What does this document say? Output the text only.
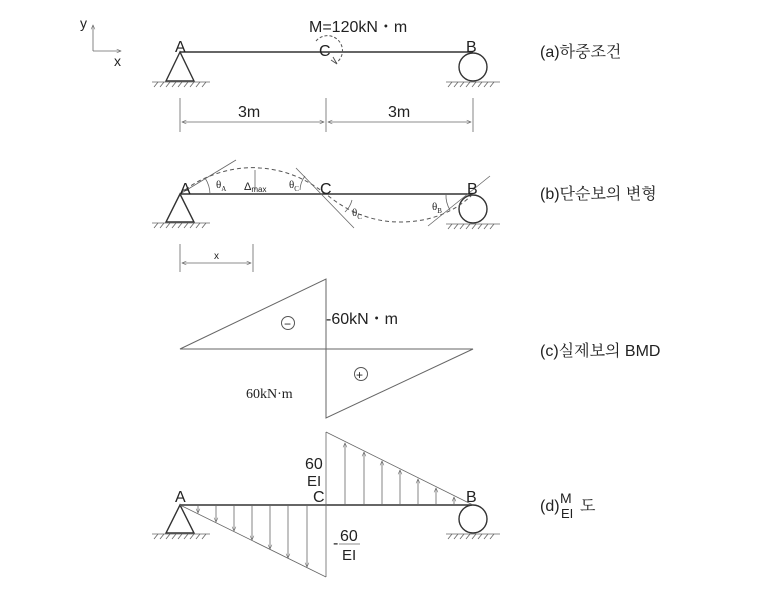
y
x
M=120kN・m
A	C	B
3m	3m
(a)하중조건
A	C	B
$\theta_A$	$\theta_C$
$\theta_C$
$\theta_B$
Δmax
x
(b)단순보의 변형
−
+
-60kN・m
60kN·m
(c)실제보의 BMD
A	C	B
60
EI
- 60
EI
(d) M
EI 도
